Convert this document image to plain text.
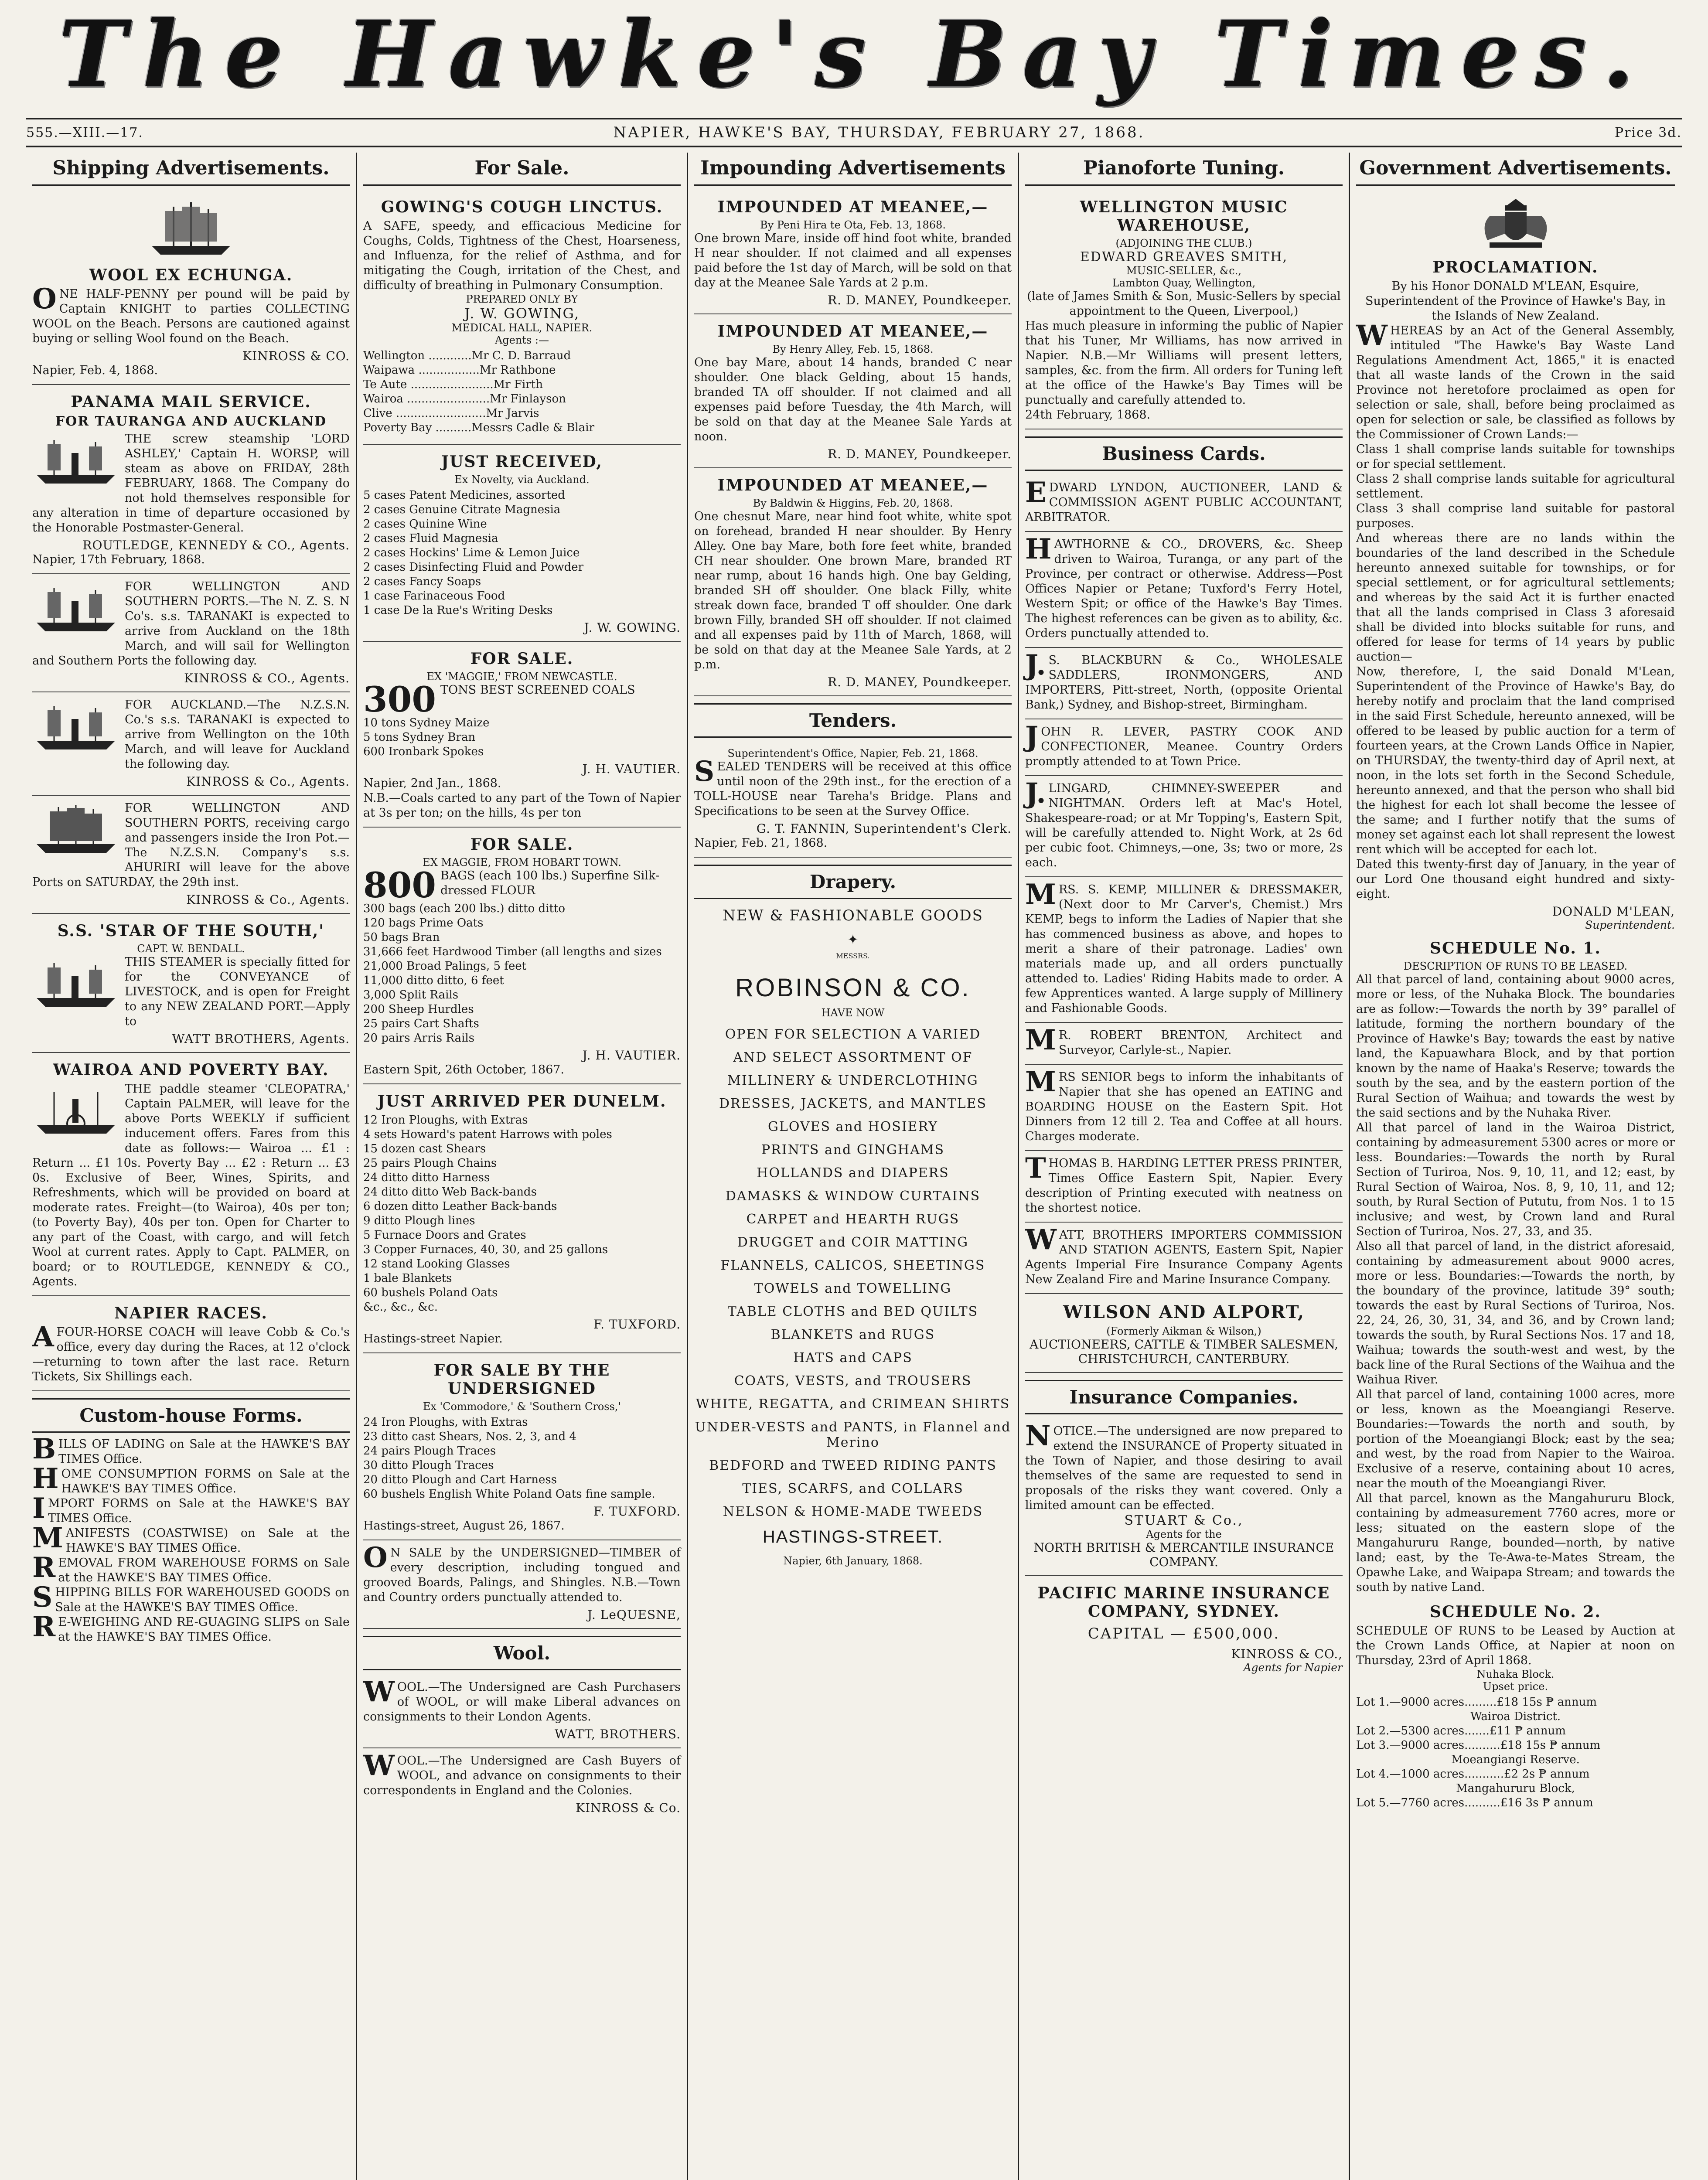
The Hawke's Bay Times.
555.—XIII.—17.	NAPIER, HAWKE'S BAY, THURSDAY, FEBRUARY 27, 1868.	Price 3d.
Shipping Advertisements.
WOOL EX ECHUNGA.
ONE HALF-PENNY per pound will be paid by Captain KNIGHT to parties COLLECTING WOOL on the Beach. Persons are cautioned against buying or selling Wool found on the Beach.
KINROSS & CO.
Napier, Feb. 4, 1868.
PANAMA MAIL SERVICE.
FOR TAURANGA AND AUCKLAND
THE screw steamship 'LORD ASHLEY,' Captain H. WORSP, will steam as above on FRIDAY, 28th FEBRUARY, 1868. The Company do not hold themselves responsible for any alteration in time of departure occasioned by the Honorable Postmaster-General.
ROUTLEDGE, KENNEDY & CO., Agents.
Napier, 17th February, 1868.
FOR WELLINGTON AND SOUTHERN PORTS.—The N. Z. S. N Co's. s.s. TARANAKI is expected to arrive from Auckland on the 18th March, and will sail for Wellington and Southern Ports the following day.
KINROSS & CO., Agents.
FOR AUCKLAND.—The N.Z.S.N. Co.'s s.s. TARANAKI is expected to arrive from Wellington on the 10th March, and will leave for Auckland the following day.
KINROSS & Co., Agents.
FOR WELLINGTON AND SOUTHERN PORTS, receiving cargo and passengers inside the Iron Pot.—The N.Z.S.N. Company's s.s. AHURIRI will leave for the above Ports on SATURDAY, the 29th inst.
KINROSS & Co., Agents.
S.S. 'STAR OF THE SOUTH,'
CAPT. W. BENDALL.
THIS STEAMER is specially fitted for for the CONVEYANCE of LIVESTOCK, and is open for Freight to any NEW ZEALAND PORT.—Apply to
WATT BROTHERS, Agents.
WAIROA AND POVERTY BAY.
THE paddle steamer 'CLEOPATRA,' Captain PALMER, will leave for the above Ports WEEKLY if sufficient inducement offers. Fares from this date as follows:— Wairoa ... £1 : Return ... £1 10s. Poverty Bay ... £2 : Return ... £3 0s. Exclusive of Beer, Wines, Spirits, and Refreshments, which will be provided on board at moderate rates. Freight—(to Wairoa), 40s per ton; (to Poverty Bay), 40s per ton. Open for Charter to any part of the Coast, with cargo, and will fetch Wool at current rates. Apply to Capt. PALMER, on board; or to ROUTLEDGE, KENNEDY & CO., Agents.
NAPIER RACES.
AFOUR-HORSE COACH will leave Cobb & Co.'s office, every day during the Races, at 12 o'clock—returning to town after the last race. Return Tickets, Six Shillings each.
Custom-house Forms.
BILLS OF LADING on Sale at the HAWKE'S BAY TIMES Office.
HOME CONSUMPTION FORMS on Sale at the HAWKE'S BAY TIMES Office.
IMPORT FORMS on Sale at the HAWKE'S BAY TIMES Office.
MANIFESTS (COASTWISE) on Sale at the HAWKE'S BAY TIMES Office.
REMOVAL FROM WAREHOUSE FORMS on Sale at the HAWKE'S BAY TIMES Office.
SHIPPING BILLS FOR WAREHOUSED GOODS on Sale at the HAWKE'S BAY TIMES Office.
RE-WEIGHING AND RE-GUAGING SLIPS on Sale at the HAWKE'S BAY TIMES Office.
For Sale.
GOWING'S COUGH LINCTUS.
A SAFE, speedy, and efficacious Medicine for Coughs, Colds, Tightness of the Chest, Hoarseness, and Influenza, for the relief of Asthma, and for mitigating the Cough, irritation of the Chest, and difficulty of breathing in Pulmonary Consumption.
PREPARED ONLY BY
J. W. GOWING,
MEDICAL HALL, NAPIER.
Agents :—
Wellington ............Mr C. D. Barraud
Waipawa .................Mr Rathbone
Te Aute .......................Mr Firth
Wairoa .......................Mr Finlayson
Clive .........................Mr Jarvis
Poverty Bay ..........Messrs Cadle & Blair
JUST RECEIVED,
Ex Novelty, via Auckland.
5 cases Patent Medicines, assorted
2 cases Genuine Citrate Magnesia
2 cases Quinine Wine
2 cases Fluid Magnesia
2 cases Hockins' Lime & Lemon Juice
2 cases Disinfecting Fluid and Powder
2 cases Fancy Soaps
1 case Farinaceous Food
1 case De la Rue's Writing Desks
J. W. GOWING.
FOR SALE.
EX 'MAGGIE,' FROM NEWCASTLE.
300 TONS BEST SCREENED COALS
10 tons Sydney Maize
5 tons Sydney Bran
600 Ironbark Spokes
J. H. VAUTIER.
Napier, 2nd Jan., 1868.
N.B.—Coals carted to any part of the Town of Napier at 3s per ton; on the hills, 4s per ton
FOR SALE.
EX MAGGIE, FROM HOBART TOWN.
800 BAGS (each 100 lbs.) Superfine Silk-dressed FLOUR
300 bags (each 200 lbs.) ditto ditto
120 bags Prime Oats
50 bags Bran
31,666 feet Hardwood Timber (all lengths and sizes
21,000 Broad Palings, 5 feet
11,000 ditto ditto, 6 feet
3,000 Split Rails
200 Sheep Hurdles
25 pairs Cart Shafts
20 pairs Arris Rails
J. H. VAUTIER.
Eastern Spit, 26th October, 1867.
JUST ARRIVED PER DUNELM.
12 Iron Ploughs, with Extras
4 sets Howard's patent Harrows with poles
15 dozen cast Shears
25 pairs Plough Chains
24 ditto ditto Harness
24 ditto ditto Web Back-bands
6 dozen ditto Leather Back-bands
9 ditto Plough lines
5 Furnace Doors and Grates
3 Copper Furnaces, 40, 30, and 25 gallons
12 stand Looking Glasses
1 bale Blankets
60 bushels Poland Oats
&c., &c., &c.
F. TUXFORD.
Hastings-street Napier.
FOR SALE BY THE UNDERSIGNED
Ex 'Commodore,' & 'Southern Cross,'
24 Iron Ploughs, with Extras
23 ditto cast Shears, Nos. 2, 3, and 4
24 pairs Plough Traces
30 ditto Plough Traces
20 ditto Plough and Cart Harness
60 bushels English White Poland Oats fine sample.
F. TUXFORD.
Hastings-street, August 26, 1867.
ON SALE by the UNDERSIGNED—TIMBER of every description, including tongued and grooved Boards, Palings, and Shingles. N.B.—Town and Country orders punctually attended to.
J. LeQUESNE,
Wool.
WOOL.—The Undersigned are Cash Purchasers of WOOL, or will make Liberal advances on consignments to their London Agents.
WATT, BROTHERS.
WOOL.—The Undersigned are Cash Buyers of WOOL, and advance on consignments to their correspondents in England and the Colonies.
KINROSS & Co.
Impounding Advertisements
IMPOUNDED AT MEANEE,—
By Peni Hira te Ota, Feb. 13, 1868.
One brown Mare, inside off hind foot white, branded H near shoulder. If not claimed and all expenses paid before the 1st day of March, will be sold on that day at the Meanee Sale Yards at 2 p.m.
R. D. MANEY, Poundkeeper.
IMPOUNDED AT MEANEE,—
By Henry Alley, Feb. 15, 1868.
One bay Mare, about 14 hands, branded C near shoulder. One black Gelding, about 15 hands, branded TA off shoulder. If not claimed and all expenses paid before Tuesday, the 4th March, will be sold on that day at the Meanee Sale Yards at noon.
R. D. MANEY, Poundkeeper.
IMPOUNDED AT MEANEE,—
By Baldwin & Higgins, Feb. 20, 1868.
One chesnut Mare, near hind foot white, white spot on forehead, branded H near shoulder. By Henry Alley. One bay Mare, both fore feet white, branded CH near shoulder. One brown Mare, branded RT near rump, about 16 hands high. One bay Gelding, branded SH off shoulder. One black Filly, white streak down face, branded T off shoulder. One dark brown Filly, branded SH off shoulder. If not claimed and all expenses paid by 11th of March, 1868, will be sold on that day at the Meanee Sale Yards, at 2 p.m.
R. D. MANEY, Poundkeeper.
Tenders.
Superintendent's Office, Napier, Feb. 21, 1868.
SEALED TENDERS will be received at this office until noon of the 29th inst., for the erection of a TOLL-HOUSE near Tareha's Bridge. Plans and Specifications to be seen at the Survey Office.
G. T. FANNIN, Superintendent's Clerk.
Napier, Feb. 21, 1868.
Drapery.
NEW & FASHIONABLE GOODS
✦
MESSRS.
ROBINSON & CO.
HAVE NOW
OPEN FOR SELECTION A VARIED
AND SELECT ASSORTMENT OF
MILLINERY & UNDERCLOTHING
DRESSES, JACKETS, and MANTLES
GLOVES and HOSIERY
PRINTS and GINGHAMS
HOLLANDS and DIAPERS
DAMASKS & WINDOW CURTAINS
CARPET and HEARTH RUGS
DRUGGET and COIR MATTING
FLANNELS, CALICOS, SHEETINGS
TOWELS and TOWELLING
TABLE CLOTHS and BED QUILTS
BLANKETS and RUGS
HATS and CAPS
COATS, VESTS, and TROUSERS
WHITE, REGATTA, and CRIMEAN SHIRTS
UNDER-VESTS and PANTS, in Flannel and Merino
BEDFORD and TWEED RIDING PANTS
TIES, SCARFS, and COLLARS
NELSON & HOME-MADE TWEEDS
HASTINGS-STREET.
Napier, 6th January, 1868.
Pianoforte Tuning.
WELLINGTON MUSIC WAREHOUSE,
(ADJOINING THE CLUB.)
EDWARD GREAVES SMITH,
MUSIC-SELLER, &c.,
Lambton Quay, Wellington,
(late of James Smith & Son, Music-Sellers by special appointment to the Queen, Liverpool,)
Has much pleasure in informing the public of Napier that his Tuner, Mr Williams, has now arrived in Napier. N.B.—Mr Williams will present letters, samples, &c. from the firm. All orders for Tuning left at the office of the Hawke's Bay Times will be punctually and carefully attended to.
24th February, 1868.
Business Cards.
EDWARD LYNDON, AUCTIONEER, LAND & COMMISSION AGENT PUBLIC ACCOUNTANT, ARBITRATOR.
HAWTHORNE & CO., DROVERS, &c. Sheep driven to Wairoa, Turanga, or any part of the Province, per contract or otherwise. Address—Post Offices Napier or Petane; Tuxford's Ferry Hotel, Western Spit; or office of the Hawke's Bay Times. The highest references can be given as to ability, &c. Orders punctually attended to.
J.S. BLACKBURN & Co., WHOLESALE SADDLERS, IRONMONGERS, AND IMPORTERS, Pitt-street, North, (opposite Oriental Bank,) Sydney, and Bishop-street, Birmingham.
JOHN R. LEVER, PASTRY COOK AND CONFECTIONER, Meanee. Country Orders promptly attended to at Town Price.
J.LINGARD, CHIMNEY-SWEEPER and NIGHTMAN. Orders left at Mac's Hotel, Shakespeare-road; or at Mr Topping's, Eastern Spit, will be carefully attended to. Night Work, at 2s 6d per cubic foot. Chimneys,—one, 3s; two or more, 2s each.
MRS. S. KEMP, MILLINER & DRESSMAKER, (Next door to Mr Carver's, Chemist.) Mrs KEMP, begs to inform the Ladies of Napier that she has commenced business as above, and hopes to merit a share of their patronage. Ladies' own materials made up, and all orders punctually attended to. Ladies' Riding Habits made to order. A few Apprentices wanted. A large supply of Millinery and Fashionable Goods.
MR. ROBERT BRENTON, Architect and Surveyor, Carlyle-st., Napier.
MRS SENIOR begs to inform the inhabitants of Napier that she has opened an EATING and BOARDING HOUSE on the Eastern Spit. Hot Dinners from 12 till 2. Tea and Coffee at all hours. Charges moderate.
THOMAS B. HARDING LETTER PRESS PRINTER, Times Office Eastern Spit, Napier. Every description of Printing executed with neatness on the shortest notice.
WATT, BROTHERS IMPORTERS COMMISSION AND STATION AGENTS, Eastern Spit, Napier Agents Imperial Fire Insurance Company Agents New Zealand Fire and Marine Insurance Company.
WILSON AND ALPORT,
(Formerly Aikman & Wilson,)
AUCTIONEERS, CATTLE & TIMBER SALESMEN,
CHRISTCHURCH, CANTERBURY.
Insurance Companies.
NOTICE.—The undersigned are now prepared to extend the INSURANCE of Property situated in the Town of Napier, and those desiring to avail themselves of the same are requested to send in proposals of the risks they want covered. Only a limited amount can be effected.
STUART & Co.,
Agents for the
NORTH BRITISH & MERCANTILE INSURANCE COMPANY.
PACIFIC MARINE INSURANCE COMPANY, SYDNEY.
CAPITAL — £500,000.
KINROSS & CO.,
Agents for Napier
Government Advertisements.
PROCLAMATION.
By his Honor DONALD M'LEAN, Esquire, Superintendent of the Province of Hawke's Bay, in the Islands of New Zealand.
WHEREAS by an Act of the General Assembly, intituled "The Hawke's Bay Waste Land Regulations Amendment Act, 1865," it is enacted that all waste lands of the Crown in the said Province not heretofore proclaimed as open for selection or sale, shall, before being proclaimed as open for selection or sale, be classified as follows by the Commissioner of Crown Lands:—
Class 1 shall comprise lands suitable for townships or for special settlement.
Class 2 shall comprise lands suitable for agricultural settlement.
Class 3 shall comprise land suitable for pastoral purposes.
And whereas there are no lands within the boundaries of the land described in the Schedule hereunto annexed suitable for townships, or for special settlement, or for agricultural settlements; and whereas by the said Act it is further enacted that all the lands comprised in Class 3 aforesaid shall be divided into blocks suitable for runs, and offered for lease for terms of 14 years by public auction—
Now, therefore, I, the said Donald M'Lean, Superintendent of the Province of Hawke's Bay, do hereby notify and proclaim that the land comprised in the said First Schedule, hereunto annexed, will be offered to be leased by public auction for a term of fourteen years, at the Crown Lands Office in Napier, on THURSDAY, the twenty-third day of April next, at noon, in the lots set forth in the Second Schedule, hereunto annexed, and that the person who shall bid the highest for each lot shall become the lessee of the same; and I further notify that the sums of money set against each lot shall represent the lowest rent which will be accepted for each lot.
Dated this twenty-first day of January, in the year of our Lord One thousand eight hundred and sixty-eight.
DONALD M'LEAN,
Superintendent.
SCHEDULE No. 1.
DESCRIPTION OF RUNS TO BE LEASED.
All that parcel of land, containing about 9000 acres, more or less, of the Nuhaka Block. The boundaries are as follow:—Towards the north by 39° parallel of latitude, forming the northern boundary of the Province of Hawke's Bay; towards the east by native land, the Kapuawhara Block, and by that portion known by the name of Haaka's Reserve; towards the south by the sea, and by the eastern portion of the Rural Section of Waihua; and towards the west by the said sections and by the Nuhaka River.
All that parcel of land in the Wairoa District, containing by admeasurement 5300 acres or more or less. Boundaries:—Towards the north by Rural Section of Turiroa, Nos. 9, 10, 11, and 12; east, by Rural Section of Wairoa, Nos. 8, 9, 10, 11, and 12; south, by Rural Section of Pututu, from Nos. 1 to 15 inclusive; and west, by Crown land and Rural Section of Turiroa, Nos. 27, 33, and 35.
Also all that parcel of land, in the district aforesaid, containing by admeasurement about 9000 acres, more or less. Boundaries:—Towards the north, by the boundary of the province, latitude 39° south; towards the east by Rural Sections of Turiroa, Nos. 22, 24, 26, 30, 31, 34, and 36, and by Crown land; towards the south, by Rural Sections Nos. 17 and 18, Waihua; towards the south-west and west, by the back line of the Rural Sections of the Waihua and the Waihua River.
All that parcel of land, containing 1000 acres, more or less, known as the Moeangiangi Reserve. Boundaries:—Towards the north and south, by portion of the Moeangiangi Block; east by the sea; and west, by the road from Napier to the Wairoa. Exclusive of a reserve, containing about 10 acres, near the mouth of the Moeangiangi River.
All that parcel, known as the Mangahururu Block, containing by admeasurement 7760 acres, more or less; situated on the eastern slope of the Mangahururu Range, bounded—north, by native land; east, by the Te-Awa-te-Mates Stream, the Opawhe Lake, and Waipapa Stream; and towards the south by native Land.
SCHEDULE No. 2.
SCHEDULE OF RUNS to be Leased by Auction at the Crown Lands Office, at Napier at noon on Thursday, 23rd of April 1868.
Nuhaka Block.
Upset price.
Lot 1.—9000 acres.........£18 15s ₱ annum
Wairoa District.
Lot 2.—5300 acres.......£11 ₱ annum
Lot 3.—9000 acres..........£18 15s ₱ annum
Moeangiangi Reserve.
Lot 4.—1000 acres...........£2 2s ₱ annum
Mangahururu Block,
Lot 5.—7760 acres..........£16 3s ₱ annum
